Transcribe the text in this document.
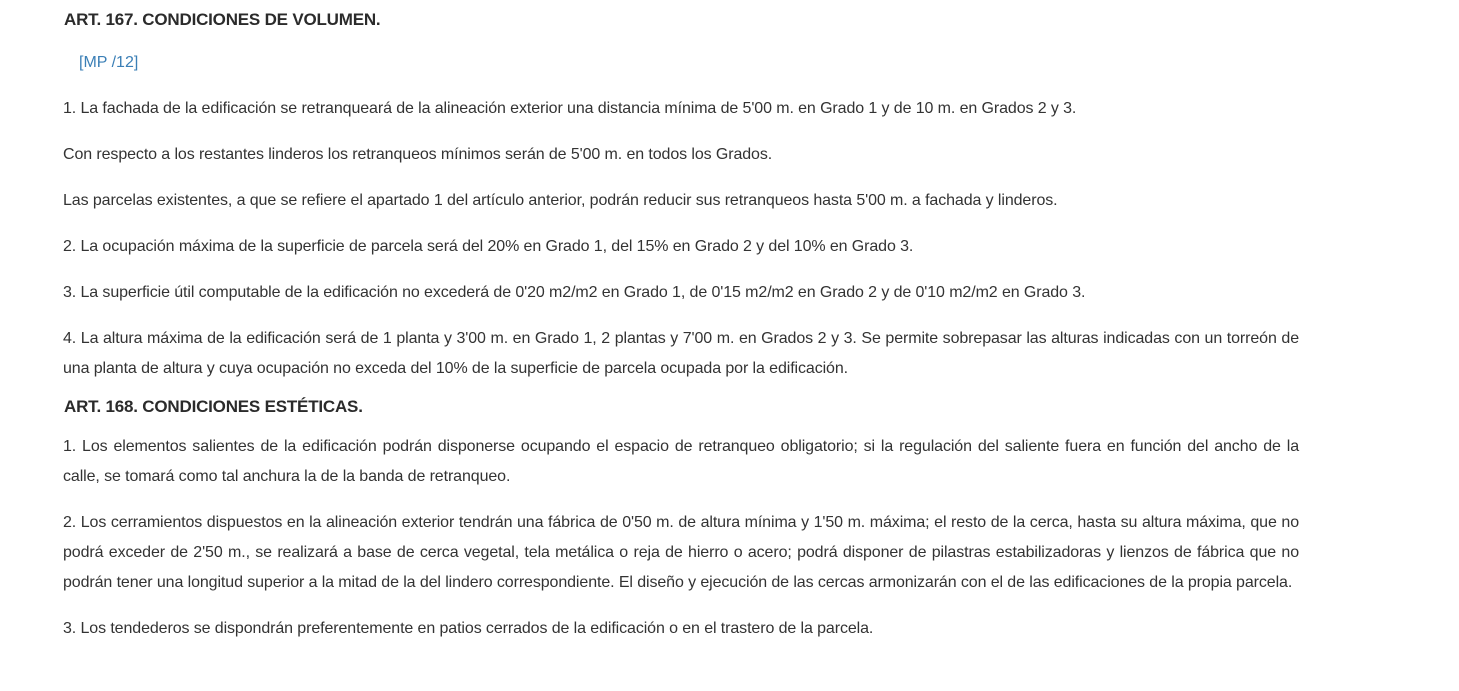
ART. 167. CONDICIONES DE VOLUMEN.
[MP /12]

1. La fachada de la edificación se retranqueará de la alineación exterior una distancia mínima de 5'00 m. en Grado 1 y de 10 m. en Grados 2 y 3.

Con respecto a los restantes linderos los retranqueos mínimos serán de 5'00 m. en todos los Grados.

Las parcelas existentes, a que se refiere el apartado 1 del artículo anterior, podrán reducir sus retranqueos hasta 5'00 m. a fachada y linderos.

2. La ocupación máxima de la superficie de parcela será del 20% en Grado 1, del 15% en Grado 2 y del 10% en Grado 3.

3. La superficie útil computable de la edificación no excederá de 0'20 m2/m2 en Grado 1, de 0'15 m2/m2 en Grado 2 y de 0'10 m2/m2 en Grado 3.

4. La altura máxima de la edificación será de 1 planta y 3'00 m. en Grado 1, 2 plantas y 7'00 m. en Grados 2 y 3. Se permite sobrepasar las alturas indicadas con un torreón de una planta de altura y cuya ocupación no exceda del 10% de la superficie de parcela ocupada por la edificación.

ART. 168. CONDICIONES ESTÉTICAS.

1. Los elementos salientes de la edificación podrán disponerse ocupando el espacio de retranqueo obligatorio; si la regulación del saliente fuera en función del ancho de la calle, se tomará como tal anchura la de la banda de retranqueo.

2. Los cerramientos dispuestos en la alineación exterior tendrán una fábrica de 0'50 m. de altura mínima y 1'50 m. máxima; el resto de la cerca, hasta su altura máxima, que no podrá exceder de 2'50 m., se realizará a base de cerca vegetal, tela metálica o reja de hierro o acero; podrá disponer de pilastras estabilizadoras y lienzos de fábrica que no podrán tener una longitud superior a la mitad de la del lindero correspondiente. El diseño y ejecución de las cercas armonizarán con el de las edificaciones de la propia parcela.

3. Los tendederos se dispondrán preferentemente en patios cerrados de la edificación o en el trastero de la parcela.
